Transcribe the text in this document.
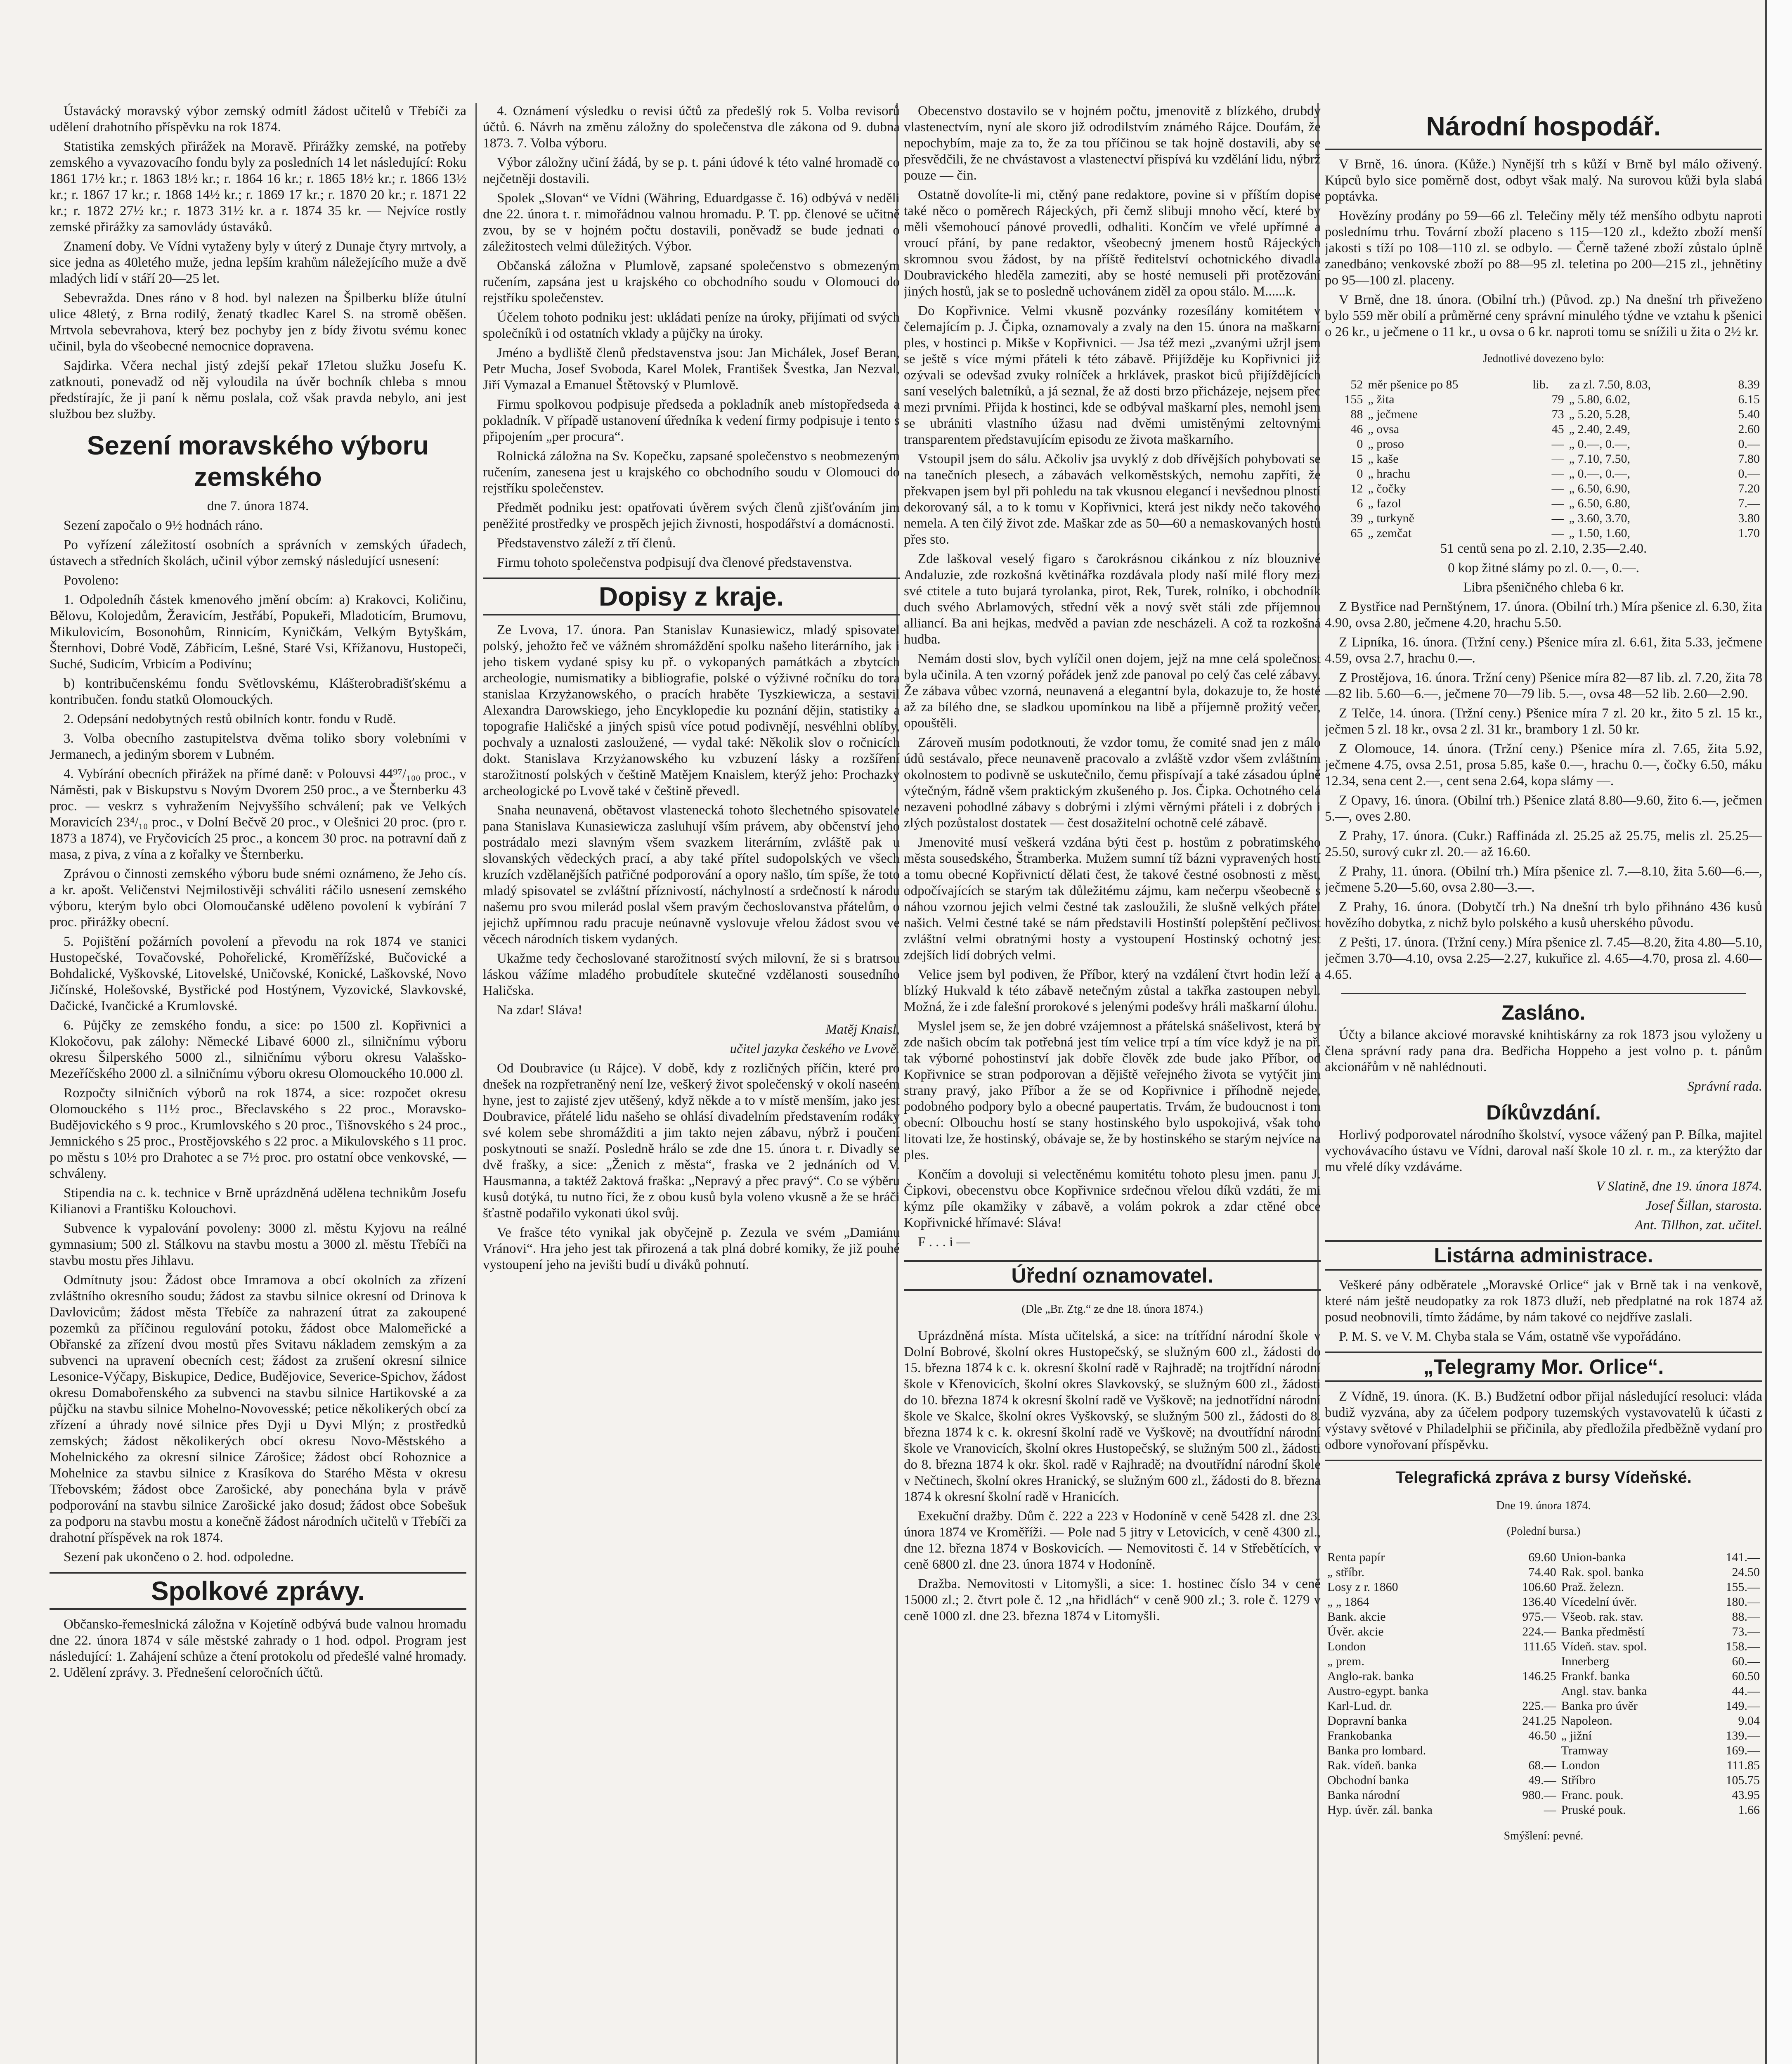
Ústavácký moravský výbor zemský odmítl žádost učitelů v Třebíči za udělení drahotního příspěvku na rok 1874.

Statistika zemských přirážek na Moravě. Přirážky zemské, na potřeby zemského a vyvazovacího fondu byly za posledních 14 let následující: Roku 1861 17½ kr.; r. 1863 18½ kr.; r. 1864 16 kr.; r. 1865 18½ kr.; r. 1866 13½ kr.; r. 1867 17 kr.; r. 1868 14½ kr.; r. 1869 17 kr.; r. 1870 20 kr.; r. 1871 22 kr.; r. 1872 27½ kr.; r. 1873 31½ kr. a r. 1874 35 kr. — Nejvíce rostly zemské přirážky za samovlády ústaváků.

Znamení doby. Ve Vídni vytaženy byly v úterý z Dunaje čtyry mrtvoly, a sice jedna as 40letého muže, jedna lepším krahům náležejícího muže a dvě mladých lidí v stáří 20—25 let.

Sebevražda. Dnes ráno v 8 hod. byl nalezen na Špilberku blíže útulní ulice 48letý, z Brna rodilý, ženatý tkadlec Karel S. na stromě oběšen. Mrtvola sebevrahova, který bez pochyby jen z bídy životu svému konec učinil, byla do všeobecné nemocnice dopravena.

Sajdirka. Včera nechal jistý zdejší pekař 17letou služku Josefu K. zatknouti, ponevadž od něj vyloudila na úvěr bochník chleba s mnou předstírajíc, že ji paní k němu poslala, což však pravda nebylo, ani jest službou bez služby.

Sezení moravského výboru zemského

dne 7. února 1874.

Sezení započalo o 9½ hodnách ráno.

Po vyřízení záležitostí osobních a správních v zemských úřadech, ústavech a středních školách, učinil výbor zemský následující usnesení:

Povoleno:

1. Odpoledníh částek kmenového jmění obcím: a) Krakovci, Količinu, Bělovu, Kolojedům, Žeravicím, Jestřábí, Popukeři, Mladoticím, Brumovu, Mikulovicím, Bosonohům, Rinnicím, Kyničkám, Velkým Bytyškám, Šternhovi, Dobré Vodě, Zábřicím, Lešné, Staré Vsi, Křížanovu, Hustopeči, Suché, Sudicím, Vrbicím a Podivínu;

b) kontribučenskému fondu Světlovskému, Klášterobradišťskému a kontribučen. fondu statků Olomouckých.

2. Odepsání nedobytných restů obilních kontr. fondu v Rudě.

3. Volba obecního zastupitelstva dvěma toliko sbory volebními v Jermanech, a jediným sborem v Lubném.

4. Vybírání obecních přirážek na přímé daně: v Polouvsi 44⁹⁷/₁₀₀ proc., v Náměsti, pak v Biskupstvu s Novým Dvorem 250 proc., a ve Šternberku 43 proc. — veskrz s vyhražením Nejvyššího schválení; pak ve Velkých Moravicích 23⁴/₁₀ proc., v Dolní Bečvě 20 proc., v Olešnici 20 proc. (pro r. 1873 a 1874), ve Fryčovicích 25 proc., a koncem 30 proc. na potravní daň z masa, z piva, z vína a z kořalky ve Šternberku.

Zprávou o činnosti zemského výboru bude snémi oznámeno, že Jeho cís. a kr. apošt. Veličenstvi Nejmilostivěji schváliti ráčilo usnesení zemského výboru, kterým bylo obci Olomoučanské uděleno povolení k vybírání 7 proc. přirážky obecní.

5. Pojištění požárních povolení a převodu na rok 1874 ve stanici Hustopečské, Tovačovské, Pohořelické, Kroměřížské, Bučovické a Bohdalické, Vyškovské, Litovelské, Uničovské, Konické, Laškovské, Novo Jičínské, Holešovské, Bystřické pod Hostýnem, Vyzovické, Slavkovské, Dačické, Ivančické a Krumlovské.

6. Půjčky ze zemského fondu, a sice: po 1500 zl. Kopřivnici a Klokočovu, pak zálohy: Německé Libavé 6000 zl., silničnímu výboru okresu Šilperského 5000 zl., silničnímu výboru okresu Valašsko-Mezeříčského 2000 zl. a silničnímu výboru okresu Olomouckého 10.000 zl.

Rozpočty silničních výborů na rok 1874, a sice: rozpočet okresu Olomouckého s 11½ proc., Břeclavského s 22 proc., Moravsko-Budějovického s 9 proc., Krumlovského s 20 proc., Tišnovského s 24 proc., Jemnického s 25 proc., Prostějovského s 22 proc. a Mikulovského s 11 proc. po městu s 10½ pro Drahotec a se 7½ proc. pro ostatní obce venkovské, — schváleny.

Stipendia na c. k. technice v Brně uprázdněná udělena technikům Josefu Kilianovi a Františku Kolouchovi.

Subvence k vypalování povoleny: 3000 zl. městu Kyjovu na reálné gymnasium; 500 zl. Stálkovu na stavbu mostu a 3000 zl. městu Třebíči na stavbu mostu přes Jihlavu.

Odmítnuty jsou: Žádost obce Imramova a obcí okolních za zřízení zvláštního okresního soudu; žádost za stavbu silnice okresní od Drinova k Davlovicům; žádost města Třebíče za nahrazení útrat za zakoupené pozemků za příčinou regulování potoku, žádost obce Malomeřické a Obřanské za zřízení dvou mostů přes Svitavu nákladem zemským a za subvenci na upravení obecních cest; žádost za zrušení okresní silnice Lesonice-Výčapy, Biskupice, Dedice, Budějovice, Severice-Spichov, žádost okresu Domabořenského za subvenci na stavbu silnice Hartikovské a za půjčku na stavbu silnice Mohelno-Novovesské; petice několikerých obcí za zřízení a úhrady nové silnice přes Dyji u Dyvi Mlýn; z prostředků zemských; žádost několikerých obcí okresu Novo-Městského a Mohelnického za okresní silnice Zárošice; žádost obcí Rohoznice a Mohelnice za stavbu silnice z Krasíkova do Starého Města v okresu Třebovském; žádost obce Zarošické, aby ponechána byla v právě podporování na stavbu silnice Zarošické jako dosud; žádost obce Sobešuk za podporu na stavbu mostu a konečně žádost národních učitelů v Třebíči za drahotní příspěvek na rok 1874.

Sezení pak ukončeno o 2. hod. odpoledne.

Spolkové zprávy.

Občansko-řemeslnická záložna v Kojetíně odbývá bude valnou hromadu dne 22. února 1874 v sále městské zahrady o 1 hod. odpol. Program jest následující: 1. Zahájení schůze a čtení protokolu od předešlé valné hromady. 2. Udělení zprávy. 3. Přednešení celoročních účtů.

4. Oznámení výsledku o revisi účtů za předešlý rok 5. Volba revisorů účtů. 6. Návrh na změnu záložny do společenstva dle zákona od 9. dubna 1873. 7. Volba výboru.

Výbor záložny učiní žádá, by se p. t. páni údové k této valné hromadě co nejčetněji dostavili.

Spolek „Slovan“ ve Vídni (Währing, Eduardgasse č. 16) odbývá v neděli dne 22. února t. r. mimořádnou valnou hromadu. P. T. pp. členové se učitně zvou, by se v hojném počtu dostavili, poněvadž se bude jednati o záležitostech velmi důležitých. Výbor.

Občanská záložna v Plumlově, zapsané společenstvo s obmezeným ručením, zapsána jest u krajského co obchodního soudu v Olomouci do rejstříku společenstev.

Účelem tohoto podniku jest: ukládati peníze na úroky, přijímati od svých společníků i od ostatních vklady a půjčky na úroky.

Jméno a bydliště členů představenstva jsou: Jan Michálek, Josef Beran, Petr Mucha, Josef Svoboda, Karel Molek, František Švestka, Jan Nezval, Jiří Vymazal a Emanuel Štětovský v Plumlově.

Firmu spolkovou podpisuje předseda a pokladník aneb místopředseda a pokladník. V případě ustanovení úředníka k vedení firmy podpisuje i tento s připojením „per procura“.

Rolnická záložna na Sv. Kopečku, zapsané společenstvo s neobmezeným ručením, zanesena jest u krajského co obchodního soudu v Olomouci do rejstříku společenstev.

Předmět podniku jest: opatřovati úvěrem svých členů zjišťováním jim peněžité prostředky ve prospěch jejich živnosti, hospodářství a domácnosti.

Představenstvo záleží z tří členů.

Firmu tohoto společenstva podpisují dva členové představenstva.

Dopisy z kraje.

Ze Lvova, 17. února. Pan Stanislav Kunasiewicz, mladý spisovatel polský, jehožto řeč ve vážném shromáždění spolku našeho literárního, jak i jeho tiskem vydané spisy ku př. o vykopaných památkách a zbytcích archeologie, numismatiky a bibliografie, polské o výživné ročníku do tora stanislaa Krzyżanowského, o pracích hraběte Tyszkiewicza, a sestavil Alexandra Darowskiego, jeho Encyklopedie ku poznání dějin, statistiky a topografie Haličské a jiných spisů více potud podivnějí, nesvéhlni oblíby, pochvaly a uznalosti zasloužené, — vydal také: Několik slov o ročnicích dokt. Stanislava Krzyżanowského ku vzbuzení lásky a rozšíření starožitností polských v češtině Matějem Knaislem, kterýž jeho: Prochazky archeologické po Lvově také v češtině převedl.

Snaha neunavená, obětavost vlastenecká tohoto šlechetného spisovatele pana Stanislava Kunasiewicza zasluhují vším právem, aby občenství jeho postrádalo mezi slavným všem svazkem literárním, zvláště pak u slovanských vědeckých prací, a aby také přítel sudopolských ve všech kruzích vzdělanějších patřičné podporování a opory našlo, tím spíše, že toto mladý spisovatel se zvláštní příznivostí, náchylností a srdečností k národu našemu pro svou milerád poslal všem pravým čechoslovanstva přátelům, o jejichž upřímnou radu pracuje neúnavně vyslovuje vřelou žádost svou ve věcech národních tiskem vydaných.

Ukažme tedy čechoslované starožitností svých milovní, že si s bratrsou láskou vážíme mladého probudítele skutečné vzdělanosti sousedního Haličska.

Na zdar! Sláva!

Matěj Knaisl,

učitel jazyka českého ve Lvově.

Od Doubravice (u Rájce). V době, kdy z rozličných příčin, které pro dnešek na rozpřetraněný není lze, veškerý život společenský v okolí naseém hyne, jest to zajisté zjev utěšený, když někde a to v místě menším, jako jest Doubravice, přátelé lidu našeho se ohlásí divadelním představením rodáky své kolem sebe shromážditi a jim takto nejen zábavu, nýbrž i poučení poskytnouti se snaží. Posledně hrálo se zde dne 15. února t. r. Divadly se dvě frašky, a sice: „Ženich z města“, fraska ve 2 jednáních od V. Hausmanna, a taktéž 2aktová fraška: „Nepravý a přec pravý“. Co se výběru kusů dotýká, tu nutno říci, že z obou kusů byla voleno vkusně a že se hráči šťastně podařilo vykonati úkol svůj.

Ve frašce této vynikal jak obyčejně p. Zezula ve svém „Damiánu Vránovi“. Hra jeho jest tak přirozená a tak plná dobré komiky, že již pouhé vystoupení jeho na jevišti budí u diváků pohnutí.

Obecenstvo dostavilo se v hojném počtu, jmenovitě z blízkého, drubdy vlastenectvím, nyní ale skoro již odrodilstvím známého Rájce. Doufám, že nepochybím, maje za to, že za tou příčinou se tak hojně dostavili, aby se přesvědčili, že ne chvástavost a vlastenectví přispívá ku vzdělání lidu, nýbrž pouze — čin.

Ostatně dovolíte-li mi, ctěný pane redaktore, povine si v příštím dopise také něco o poměrech Rájeckých, při čemž slibuji mnoho věcí, které by měli všemohoucí pánové provedli, odhaliti. Končím ve vřelé upřímné a vroucí přání, by pane redaktor, všeobecný jmenem hostů Rájeckých skromnou svou žádost, by na příště ředitelství ochotnického divadla Doubravického hleděla zameziti, aby se hosté nemuseli při protězování jiných hostů, jak se to posledně uchovánem ziděl za opou stálo. M......k.

Do Kopřivnice. Velmi vkusně pozvánky rozesílány komitétem v čelemajícím p. J. Čipka, oznamovaly a zvaly na den 15. února na maškarní ples, v hostinci p. Mikše v Kopřivnici. — Jsa též mezi „zvanými užrjl jsem se ještě s více mými přáteli k této zábavě. Přijížděje ku Kopřivnici již ozývali se odevšad zvuky rolníček a hrklávek, praskot biců přijíždějících saní veselých baletníků, a já seznal, že až dosti brzo přicházeje, nejsem přec mezi prvními. Přijda k hostinci, kde se odbýval maškarní ples, nemohl jsem se ubrániti vlastního úžasu nad dvěmi umistěnými zeltovnými transparentem představujícím episodu ze života maškarního.

Vstoupil jsem do sálu. Ačkoliv jsa uvyklý z dob dřívějších pohybovati se na tanečních plesech, a zábavách velkoměstských, nemohu zapříti, že překvapen jsem byl při pohledu na tak vkusnou elegancí i nevšednou plností dekorovaný sál, a to k tomu v Kopřivnici, která jest nikdy nečo takového nemela. A ten čilý život zde. Maškar zde as 50—60 a nemaskovaných hostů přes sto.

Zde laškoval veselý figaro s čarokrásnou cikánkou z níz blouznivé Andaluzie, zde rozkošná květinářka rozdávala plody naší milé flory mezi své ctitele a tuto bujará tyrolanka, pirot, Rek, Turek, rolníko, i obchodník duch svého Abrlamových, střední věk a nový svět stáli zde příjemnou alliancí. Ba ani hejkas, medvěd a pavian zde nescházeli. A což ta rozkošná hudba.

Nemám dosti slov, bych vylíčil onen dojem, jejž na mne celá společnost byla učinila. A ten vzorný pořádek jenž zde panoval po celý čas celé zábavy. Že zábava vůbec vzorná, neunavená a elegantní byla, dokazuje to, že hosté až za bílého dne, se sladkou upomínkou na libě a příjemně prožitý večer, opouštěli.

Zároveň musím podotknouti, že vzdor tomu, že comité snad jen z málo údů sestávalo, přece neunaveně pracovalo a zvláště vzdor všem zvláštním okolnostem to podivně se uskutečnilo, čemu přispívají a také zásadou úplně výtečným, řádně všem praktickým zkušeného p. Jos. Čipka. Ochotného celá nezaveni pohodlné zábavy s dobrými i zlými věrnými přáteli i z dobrých i zlých pozůstalost dostatek — čest dosažitelní ochotně celé zábavě.

Jmenovité musí veškerá vzdána býti čest p. hostům z pobratimského města sousedského, Štramberka. Mužem sumní tíž bázni vypravených hostí a tomu obecné Kopřivnictí dělati čest, že takové čestné osobnosti z měst, odpočívajících se starým tak důležitému zájmu, kam nečerpu všeobecně s náhou vzornou jejich velmi čestné tak zasloužili, že slušně velkých přátel našich. Velmi čestné také se nám představili Hostinští polepštění pečlivost zvláštní velmi obratnými hosty a vystoupení Hostinský ochotný jest zdejších lidí dobrých velmi.

Velice jsem byl podiven, že Příbor, který na vzdálení čtvrt hodin leží a blízký Hukvald k této zábavě netečným zůstal a takřka zastoupen nebyl. Možná, že i zde falešní prorokové s jelenými podešvy hráli maškarní úlohu.

Myslel jsem se, že jen dobré vzájemnost a přátelská snášelivost, která by zde našich obcím tak potřebná jest tím velice trpí a tím více když je na př. tak výborné pohostinství jak dobře člověk zde bude jako Příbor, od Kopřivnice se stran podporovan a dějiště veřejného života se vytýčit jim strany pravý, jako Příbor a že se od Kopřivnice i příhodně nejede, podobného podpory bylo a obecné paupertatis. Trvám, že budoucnost i tom obecní: Olbouchu hostí se stany hostinského bylo uspokojivá, však toho litovati lze, že hostinský, obávaje se, že by hostinského se starým nejvíce na ples.

Končím a dovoluji si velectěnému komitétu tohoto plesu jmen. panu J. Čipkovi, obecenstvu obce Kopřivnice srdečnou vřelou díků vzdáti, že mi kýmz píle okamžiky v zábavě, a volám pokrok a zdar ctěné obce Kopřivnické hřímavé: Sláva!

F . . . i —

Úřední oznamovatel.

(Dle „Br. Ztg.“ ze dne 18. února 1874.)

Uprázdněná místa. Místa učitelská, a sice: na trítřídní národní škole v Dolní Bobrové, školní okres Hustopečský, se služným 600 zl., žádosti do 15. března 1874 k c. k. okresní školní radě v Rajhradě; na trojtřídní národní škole v Křenovicích, školní okres Slavkovský, se služným 600 zl., žádosti do 10. března 1874 k okresní školní radě ve Vyškově; na jednotřídní národní škole ve Skalce, školní okres Vyškovský, se služným 500 zl., žádosti do 8. března 1874 k c. k. okresní školní radě ve Vyškově; na dvoutřídní národní škole ve Vranovicích, školní okres Hustopečský, se služným 500 zl., žádosti do 8. března 1874 k okr. škol. radě v Rajhradě; na dvoutřídní národní škole v Nečtinech, školní okres Hranický, se služným 600 zl., žádosti do 8. března 1874 k okresní školní radě v Hranicích.

Exekuční dražby. Dům č. 222 a 223 v Hodoníně v ceně 5428 zl. dne 23. února 1874 ve Kroměříži. — Pole nad 5 jitry v Letovicích, v ceně 4300 zl., dne 12. března 1874 v Boskovicích. — Nemovitosti č. 14 v Střebětících, v ceně 6800 zl. dne 23. února 1874 v Hodoníně.

Dražba. Nemovitosti v Litomyšli, a sice: 1. hostinec číslo 34 v ceně 15000 zl.; 2. čtvrt pole č. 12 „na hřidlách“ v ceně 900 zl.; 3. role č. 1279 v ceně 1000 zl. dne 23. března 1874 v Litomyšli.

Národní hospodář.

V Brně, 16. února. (Kůže.) Nynější trh s kůží v Brně byl málo oživený. Kúpců bylo sice poměrně dost, odbyt však malý. Na surovou kůži byla slabá poptávka.

Hovězíny prodány po 59—66 zl. Telečiny měly též menšího odbytu naproti poslednímu trhu. Tovární zboží placeno s 115—120 zl., kdežto zboží menší jakosti s tíží po 108—110 zl. se odbylo. — Černě tažené zboží zůstalo úplně zanedbáno; venkovské zboží po 88—95 zl. teletina po 200—215 zl., jehnětiny po 95—100 zl. placeny.

V Brně, dne 18. února. (Obilní trh.) (Původ. zp.) Na dnešní trh přiveženo bylo 559 měr obilí a průměrné ceny správní minulého týdne ve vztahu k pšenici o 26 kr., u ječmene o 11 kr., u ovsa o 6 kr. naproti tomu se snížili u žita o 2½ kr.

Jednotlivé dovezeno bylo:

52	měr pšenice po 85	lib.	za zl. 7.50, 8.03,	8.39
155	„ žita	79	„ 5.80, 6.02,	6.15
88	„ ječmene	73	„ 5.20, 5.28,	5.40
46	„ ovsa	45	„ 2.40, 2.49,	2.60
0	„ proso	—	„ 0.—, 0.—,	0.—
15	„ kaše	—	„ 7.10, 7.50,	7.80
0	„ hrachu	—	„ 0.—, 0.—,	0.—
12	„ čočky	—	„ 6.50, 6.90,	7.20
6	„ fazol	—	„ 6.50, 6.80,	7.—
39	„ turkyně	—	„ 3.60, 3.70,	3.80
65	„ zemčat	—	„ 1.50, 1.60,	1.70

51 centů sena po zl. 2.10, 2.35—2.40.

0 kop žitné slámy po zl. 0.—, 0.—.

Libra pšeničného chleba 6 kr.

Z Bystřice nad Pernštýnem, 17. února. (Obilní trh.) Míra pšenice zl. 6.30, žita 4.90, ovsa 2.80, ječmene 4.20, hrachu 5.50.

Z Lipníka, 16. února. (Tržní ceny.) Pšenice míra zl. 6.61, žita 5.33, ječmene 4.59, ovsa 2.7, hrachu 0.—.

Z Prostějova, 16. února. Tržní ceny) Pšenice míra 82—87 lib. zl. 7.20, žita 78—82 lib. 5.60—6.—, ječmene 70—79 lib. 5.—, ovsa 48—52 lib. 2.60—2.90.

Z Telče, 14. února. (Tržní ceny.) Pšenice míra 7 zl. 20 kr., žito 5 zl. 15 kr., ječmen 5 zl. 18 kr., ovsa 2 zl. 31 kr., brambory 1 zl. 50 kr.

Z Olomouce, 14. února. (Tržní ceny.) Pšenice míra zl. 7.65, žita 5.92, ječmene 4.75, ovsa 2.51, prosa 5.85, kaše 0.—, hrachu 0.—, čočky 6.50, máku 12.34, sena cent 2.—, cent sena 2.64, kopa slámy —.

Z Opavy, 16. února. (Obilní trh.) Pšenice zlatá 8.80—9.60, žito 6.—, ječmen 5.—, oves 2.80.

Z Prahy, 17. února. (Cukr.) Raffináda zl. 25.25 až 25.75, melis zl. 25.25—25.50, surový cukr zl. 20.— až 16.60.

Z Prahy, 11. února. (Obilní trh.) Míra pšenice zl. 7.—8.10, žita 5.60—6.—, ječmene 5.20—5.60, ovsa 2.80—3.—.

Z Prahy, 16. února. (Dobytčí trh.) Na dnešní trh bylo přihnáno 436 kusů hovězího dobytka, z nichž bylo polského a kusů uherského původu.

Z Pešti, 17. února. (Tržní ceny.) Míra pšenice zl. 7.45—8.20, žita 4.80—5.10, ječmen 3.70—4.10, ovsa 2.25—2.27, kukuřice zl. 4.65—4.70, prosa zl. 4.60—4.65.

Zasláno.

Účty a bilance akciové moravské knihtiskárny za rok 1873 jsou vyloženy u člena správní rady pana dra. Bedřicha Hoppeho a jest volno p. t. pánům akcionářům v ně nahlédnouti.

Správní rada.

Díkůvzdání.

Horlivý podporovatel národního školství, vysoce vážený pan P. Bílka, majitel vychovávacího ústavu ve Vídni, daroval naší škole 10 zl. r. m., za kterýžto dar mu vřelé díky vzdáváme.

V Slatině, dne 19. února 1874.

Josef Šillan, starosta.

Ant. Tillhon, zat. učitel.

Listárna administrace.

Veškeré pány odběratele „Moravské Orlice“ jak v Brně tak i na venkově, které nám ještě neudopatky za rok 1873 dluží, neb předplatné na rok 1874 až posud neobnovili, tímto žádáme, by nám takové co nejdříve zaslali.

P. M. S. ve V. M. Chyba stala se Vám, ostatně vše vypořádáno.

„Telegramy Mor. Orlice“.

Z Vídně, 19. února. (K. B.) Budžetní odbor přijal následující resoluci: vláda budiž vyzvána, aby za účelem podpory tuzemských vystavovatelů k účasti z výstavy světové v Philadelphii se přičinila, aby předložila předběžně vydaní pro odbore vynořovaní příspěvku.

Telegrafická zpráva z bursy Vídeňské.

Dne 19. února 1874.

(Polední bursa.)

Renta papír	69.60	Union-banka	141.—
„ stříbr.	74.40	Rak. spol. banka	24.50
Losy z r. 1860	106.60	Praž. železn.	155.—
„ „ 1864	136.40	Vícedelní úvěr.	180.—
Bank. akcie	975.—	Všeob. rak. stav.	88.—
Úvěr. akcie	224.—	Banka předměstí	73.—
London	111.65	Vídeň. stav. spol.	158.—
„ prem.		Innerberg	60.—
Anglo-rak. banka	146.25	Frankf. banka	60.50
Austro-egypt. banka		Angl. stav. banka	44.—
Karl-Lud. dr.	225.—	Banka pro úvěr	149.—
Dopravní banka	241.25	Napoleon.	9.04
Frankobanka	46.50	„ jižní	139.—
Banka pro lombard.		Tramway	169.—
Rak. vídeň. banka	68.—	London	111.85
Obchodní banka	49.—	Stříbro	105.75
Banka národní	980.—	Franc. pouk.	43.95
Hyp. úvěr. zál. banka	—	Pruské pouk.	1.66

Smýšlení: pevné.
